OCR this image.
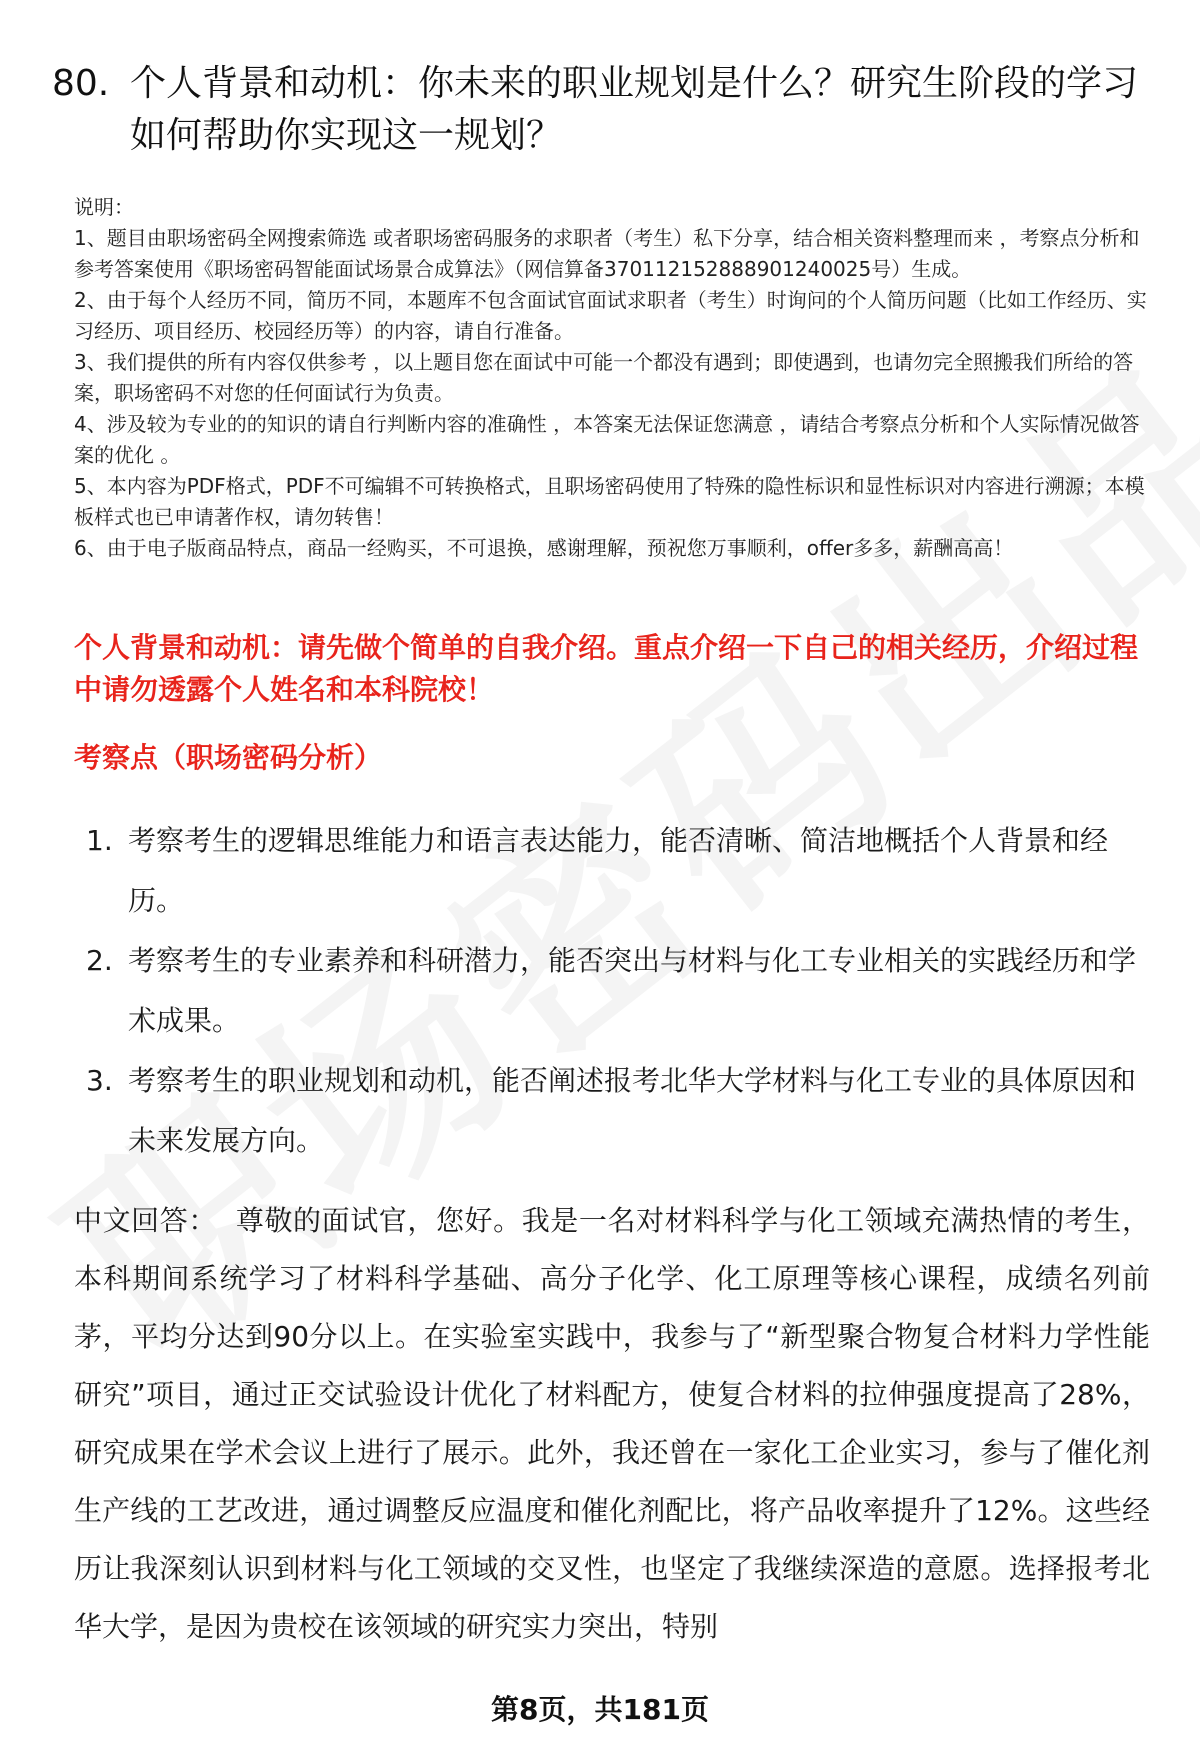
80. 个人背景和动机：你未来的职业规划是什么？研究生阶段的学习如何帮助你实现这一规划？

说明：

1、题目由职场密码全网搜索筛选 或者职场密码服务的求职者（考生）私下分享，结合相关资料整理而来 ，考察点分析和参考答案使用《职场密码智能面试场景合成算法》（网信算备370112152888901240025号）生成。

2、由于每个人经历不同，简历不同，本题库不包含面试官面试求职者（考生）时询问的个人简历问题（比如工作经历、实习经历、项目经历、校园经历等）的内容，请自行准备。

3、我们提供的所有内容仅供参考 ，以上题目您在面试中可能一个都没有遇到；即使遇到，也请勿完全照搬我们所给的答案，职场密码不对您的任何面试行为负责。

4、涉及较为专业的的知识的请自行判断内容的准确性 ，本答案无法保证您满意 ，请结合考察点分析和个人实际情况做答案的优化 。

5、本内容为PDF格式，PDF不可编辑不可转换格式，且职场密码使用了特殊的隐性标识和显性标识对内容进行溯源；本模板样式也已申请著作权，请勿转售！

6、由于电子版商品特点，商品一经购买，不可退换，感谢理解，预祝您万事顺利，offer多多，薪酬高高！

个人背景和动机：请先做个简单的自我介绍。重点介绍一下自己的相关经历，介绍过程中请勿透露个人姓名和本科院校！
考察点（职场密码分析）
1. 考察考生的逻辑思维能力和语言表达能力，能否清晰、简洁地概括个人背景和经历。
2. 考察考生的专业素养和科研潜力，能否突出与材料与化工专业相关的实践经历和学术成果。
3. 考察考生的职业规划和动机，能否阐述报考北华大学材料与化工专业的具体原因和未来发展方向。
中文回答： 尊敬的面试官，您好。我是一名对材料科学与化工领域充满热情的考生，本科期间系统学习了材料科学基础、高分子化学、化工原理等核心课程，成绩名列前茅，平均分达到90分以上。在实验室实践中，我参与了“新型聚合物复合材料力学性能研究”项目，通过正交试验设计优化了材料配方，使复合材料的拉伸强度提高了28%，研究成果在学术会议上进行了展示。此外，我还曾在一家化工企业实习，参与了催化剂生产线的工艺改进，通过调整反应温度和催化剂配比，将产品收率提升了12%。这些经历让我深刻认识到材料与化工领域的交叉性，也坚定了我继续深造的意愿。选择报考北华大学，是因为贵校在该领域的研究实力突出，特别
第8页，共181页
